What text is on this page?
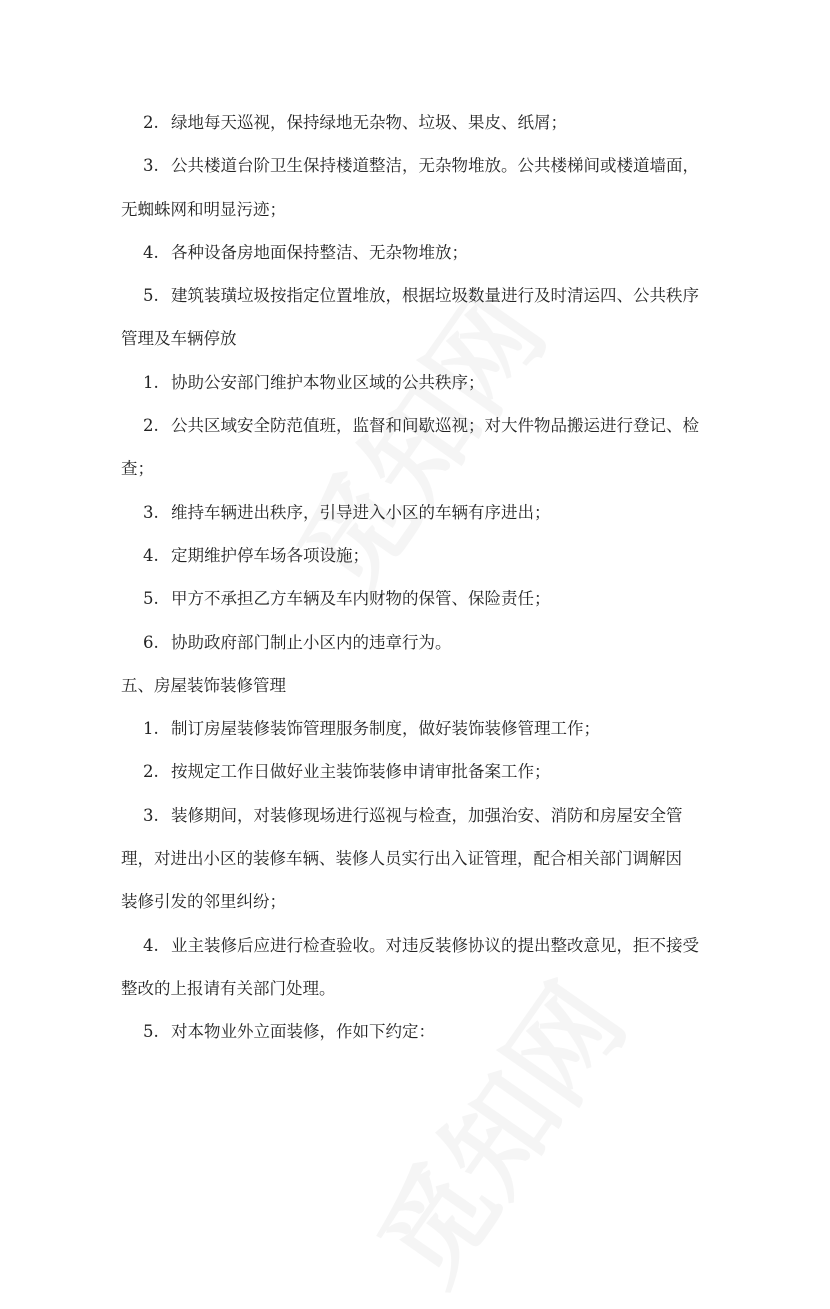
2. 绿地每天巡视，保持绿地无杂物、垃圾、果皮、纸屑；
3. 公共楼道台阶卫生保持楼道整洁，无杂物堆放。公共楼梯间或楼道墙面，
无蜘蛛网和明显污迹；
4. 各种设备房地面保持整洁、无杂物堆放；
5. 建筑装璜垃圾按指定位置堆放，根据垃圾数量进行及时清运四、公共秩序
管理及车辆停放
1. 协助公安部门维护本物业区域的公共秩序；
2. 公共区域安全防范值班，监督和间歇巡视；对大件物品搬运进行登记、检
查；
3. 维持车辆进出秩序，引导进入小区的车辆有序进出；
4. 定期维护停车场各项设施；
5. 甲方不承担乙方车辆及车内财物的保管、保险责任；
6. 协助政府部门制止小区内的违章行为。
五、房屋装饰装修管理
1. 制订房屋装修装饰管理服务制度，做好装饰装修管理工作；
2. 按规定工作日做好业主装饰装修申请审批备案工作；
3. 装修期间，对装修现场进行巡视与检查，加强治安、消防和房屋安全管
理，对进出小区的装修车辆、装修人员实行出入证管理，配合相关部门调解因
装修引发的邻里纠纷；
4. 业主装修后应进行检查验收。对违反装修协议的提出整改意见，拒不接受
整改的上报请有关部门处理。
5. 对本物业外立面装修，作如下约定：
